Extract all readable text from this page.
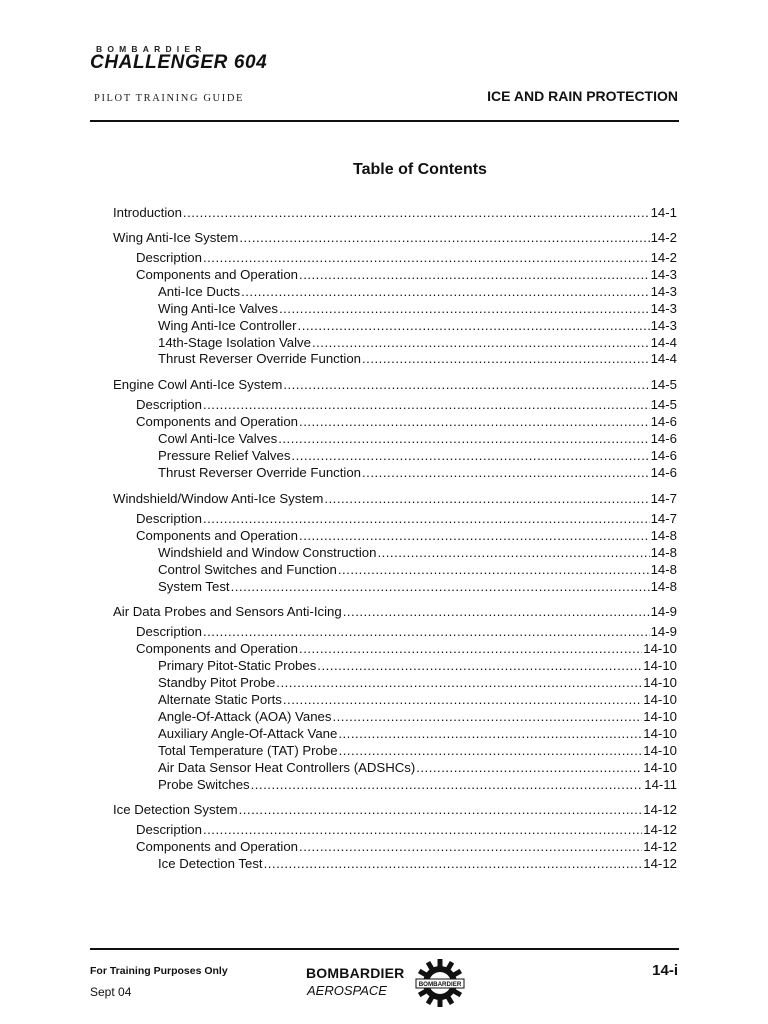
BOMBARDIER
CHALLENGER 604
PILOT TRAINING GUIDE	ICE AND RAIN PROTECTION
Table of Contents
Introduction .....	14-1
Wing Anti-Ice System .....	14-2
Description .....	14-2
Components and Operation .....	14-3
Anti-Ice Ducts .....	14-3
Wing Anti-Ice Valves .....	14-3
Wing Anti-Ice Controller .....	14-3
14th-Stage Isolation Valve .....	14-4
Thrust Reverser Override Function .....	14-4
Engine Cowl Anti-Ice System .....	14-5
Description .....	14-5
Components and Operation .....	14-6
Cowl Anti-Ice Valves .....	14-6
Pressure Relief Valves .....	14-6
Thrust Reverser Override Function .....	14-6
Windshield/Window Anti-Ice System .....	14-7
Description .....	14-7
Components and Operation .....	14-8
Windshield and Window Construction .....	14-8
Control Switches and Function .....	14-8
System Test .....	14-8
Air Data Probes and Sensors Anti-Icing .....	14-9
Description .....	14-9
Components and Operation .....	14-10
Primary Pitot-Static Probes .....	14-10
Standby Pitot Probe .....	14-10
Alternate Static Ports .....	14-10
Angle-Of-Attack (AOA) Vanes .....	14-10
Auxiliary Angle-Of-Attack Vane .....	14-10
Total Temperature (TAT) Probe .....	14-10
Air Data Sensor Heat Controllers (ADSHCs) .....	14-10
Probe Switches .....	14-11
Ice Detection System .....	14-12
Description .....	14-12
Components and Operation .....	14-12
Ice Detection Test .....	14-12
For Training Purposes Only
Sept 04
BOMBARDIER
AEROSPACE	BOMBARDIER
14-i
